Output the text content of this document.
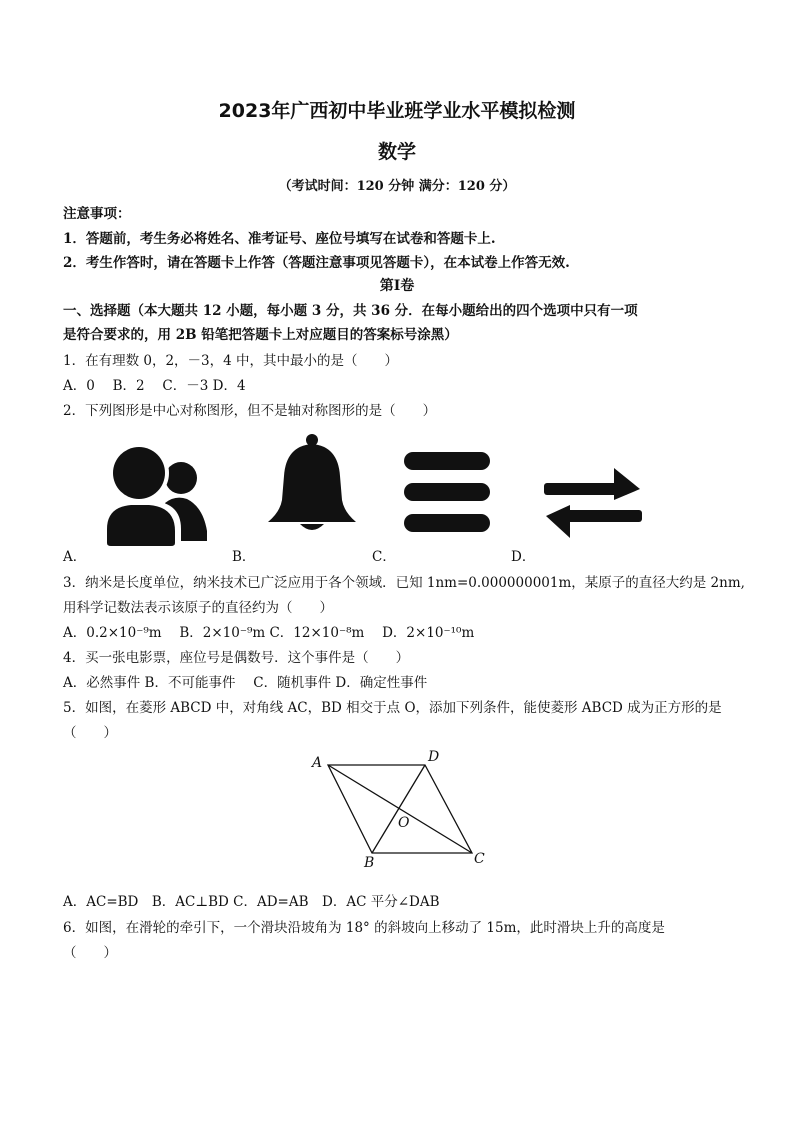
2023年广西初中毕业班学业水平模拟检测
数学
（考试时间：120 分钟 满分：120 分）
注意事项：
1．答题前，考生务必将姓名、准考证号、座位号填写在试卷和答题卡上.
2．考生作答时，请在答题卡上作答（答题注意事项见答题卡），在本试卷上作答无效.
第Ⅰ卷
一、选择题（本大题共 12 小题，每小题 3 分，共 36 分．在每小题给出的四个选项中只有一项
是符合要求的，用 2B 铅笔把答题卡上对应题目的答案标号涂黑）
1．在有理数 0，2，－3，4 中，其中最小的是（　　）
A．0　 B．2　 C．－3 D．4
2．下列图形是中心对称图形，但不是轴对称图形的是（　　）
A．	B．	C．	D．
3．纳米是长度单位，纳米技术已广泛应用于各个领域．已知 1nm=0.000000001m，某原子的直径大约是 2nm,
用科学记数法表示该原子的直径约为（　　）
A．0.2×10⁻⁹m　 B．2×10⁻⁹m C．12×10⁻⁸m　 D．2×10⁻¹⁰m
4．买一张电影票，座位号是偶数号．这个事件是（　　）
A．必然事件 B．不可能事件　 C．随机事件 D．确定性事件
5．如图，在菱形 ABCD 中，对角线 AC，BD 相交于点 O，添加下列条件，能使菱形 ABCD 成为正方形的是
（　　）
A	D
O
B	C
A．AC=BD　B．AC⊥BD C．AD=AB　D．AC 平分∠DAB
6．如图，在滑轮的牵引下，一个滑块沿坡角为 18° 的斜坡向上移动了 15m，此时滑块上升的高度是
（　　）
